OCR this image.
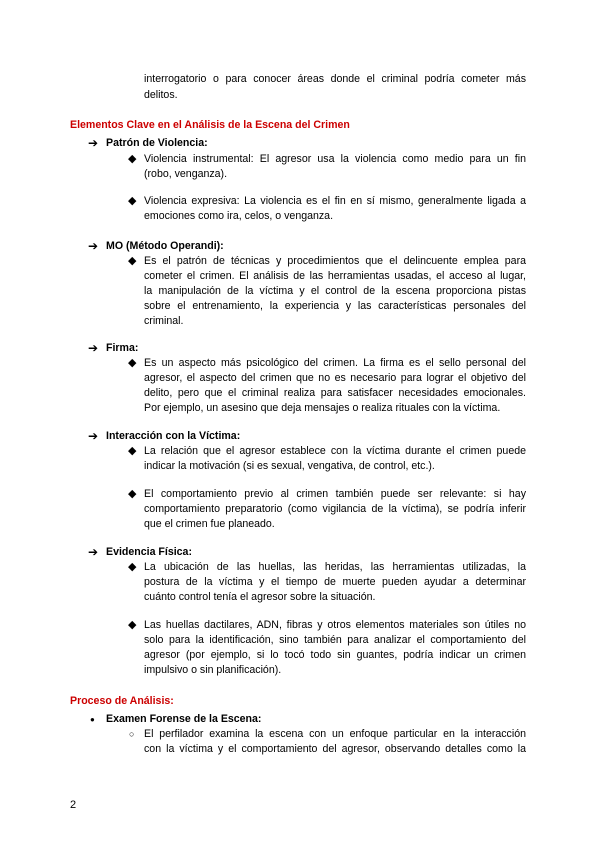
interrogatorio o para conocer áreas donde el criminal podría cometer más
delitos.
Elementos Clave en el Análisis de la Escena del Crimen
➔ Patrón de Violencia:
◆ Violencia instrumental: El agresor usa la violencia como medio para un fin
(robo, venganza).
◆ Violencia expresiva: La violencia es el fin en sí mismo, generalmente ligada a
emociones como ira, celos, o venganza.
➔ MO (Método Operandi):
◆ Es el patrón de técnicas y procedimientos que el delincuente emplea para
cometer el crimen. El análisis de las herramientas usadas, el acceso al lugar,
la manipulación de la víctima y el control de la escena proporciona pistas
sobre el entrenamiento, la experiencia y las características personales del
criminal.
➔ Firma:
◆ Es un aspecto más psicológico del crimen. La firma es el sello personal del
agresor, el aspecto del crimen que no es necesario para lograr el objetivo del
delito, pero que el criminal realiza para satisfacer necesidades emocionales.
Por ejemplo, un asesino que deja mensajes o realiza rituales con la víctima.
➔ Interacción con la Víctima:
◆ La relación que el agresor establece con la víctima durante el crimen puede
indicar la motivación (si es sexual, vengativa, de control, etc.).
◆ El comportamiento previo al crimen también puede ser relevante: si hay
comportamiento preparatorio (como vigilancia de la víctima), se podría inferir
que el crimen fue planeado.
➔ Evidencia Física:
◆ La ubicación de las huellas, las heridas, las herramientas utilizadas, la
postura de la víctima y el tiempo de muerte pueden ayudar a determinar
cuánto control tenía el agresor sobre la situación.
◆ Las huellas dactilares, ADN, fibras y otros elementos materiales son útiles no
solo para la identificación, sino también para analizar el comportamiento del
agresor (por ejemplo, si lo tocó todo sin guantes, podría indicar un crimen
impulsivo o sin planificación).
Proceso de Análisis:
● Examen Forense de la Escena:
○ El perfilador examina la escena con un enfoque particular en la interacción
con la víctima y el comportamiento del agresor, observando detalles como la
2
